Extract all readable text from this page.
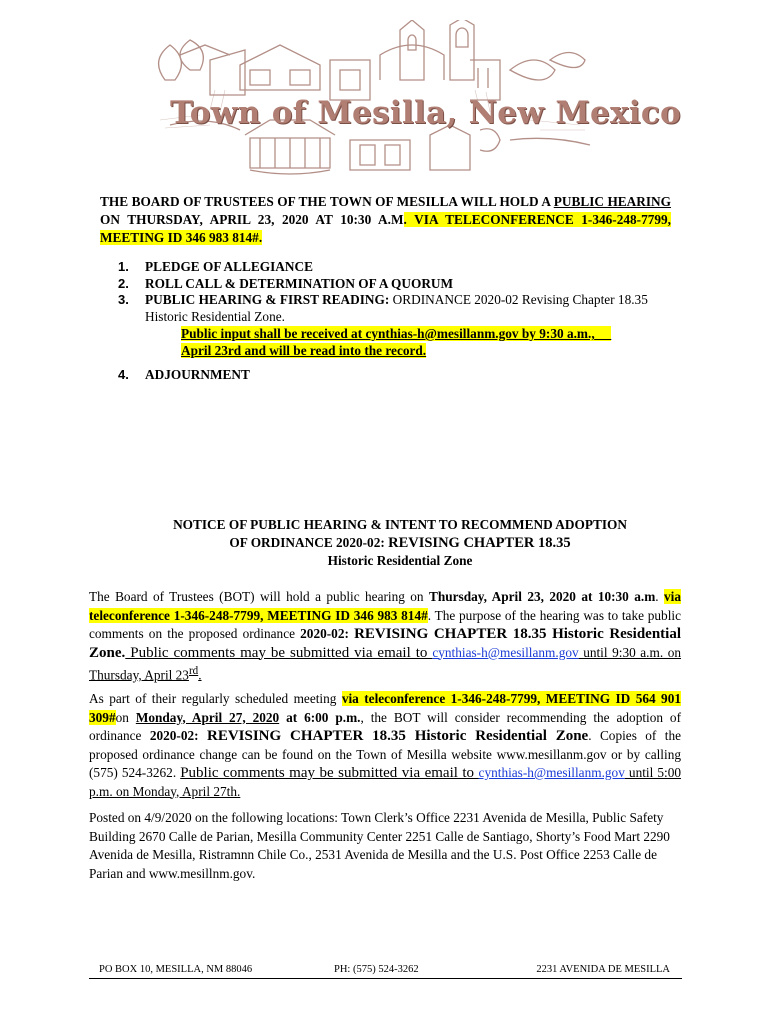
Town of Mesilla, New Mexico
THE BOARD OF TRUSTEES OF THE TOWN OF MESILLA WILL HOLD A PUBLIC HEARING ON THURSDAY, APRIL 23, 2020 AT 10:30 A.M. VIA TELECONFERENCE 1-346-248-7799, MEETING ID 346 983 814#.
1. PLEDGE OF ALLEGIANCE
2. ROLL CALL & DETERMINATION OF A QUORUM
3. PUBLIC HEARING & FIRST READING: ORDINANCE 2020-02 Revising Chapter 18.35 Historic Residential Zone.
Public input shall be received at cynthias-h@mesillanm.gov by 9:30 a.m.,
April 23rd and will be read into the record.
4. ADJOURNMENT
NOTICE OF PUBLIC HEARING & INTENT TO RECOMMEND ADOPTION
OF ORDINANCE 2020-02: REVISING CHAPTER 18.35
Historic Residential Zone
The Board of Trustees (BOT) will hold a public hearing on Thursday, April 23, 2020 at 10:30 a.m. via teleconference 1-346-248-7799, MEETING ID 346 983 814#. The purpose of the hearing was to take public comments on the proposed ordinance 2020-02: REVISING CHAPTER 18.35 Historic Residential Zone. Public comments may be submitted via email to cynthias-h@mesillanm.gov until 9:30 a.m. on Thursday, April 23rd.
As part of their regularly scheduled meeting via teleconference 1-346-248-7799, MEETING ID 564 901 309#on Monday, April 27, 2020 at 6:00 p.m., the BOT will consider recommending the adoption of ordinance 2020-02: REVISING CHAPTER 18.35 Historic Residential Zone. Copies of the proposed ordinance change can be found on the Town of Mesilla website www.mesillanm.gov or by calling (575) 524-3262. Public comments may be submitted via email to cynthias-h@mesillanm.gov until 5:00 p.m. on Monday, April 27th.
Posted on 4/9/2020 on the following locations: Town Clerk’s Office 2231 Avenida de Mesilla, Public Safety Building 2670 Calle de Parian, Mesilla Community Center 2251 Calle de Santiago, Shorty’s Food Mart 2290 Avenida de Mesilla, Ristramnn Chile Co., 2531 Avenida de Mesilla and the U.S. Post Office 2253 Calle de Parian and www.mesillnm.gov.
PO BOX 10, MESILLA, NM 88046	PH: (575) 524-3262	2231 AVENIDA DE MESILLA
